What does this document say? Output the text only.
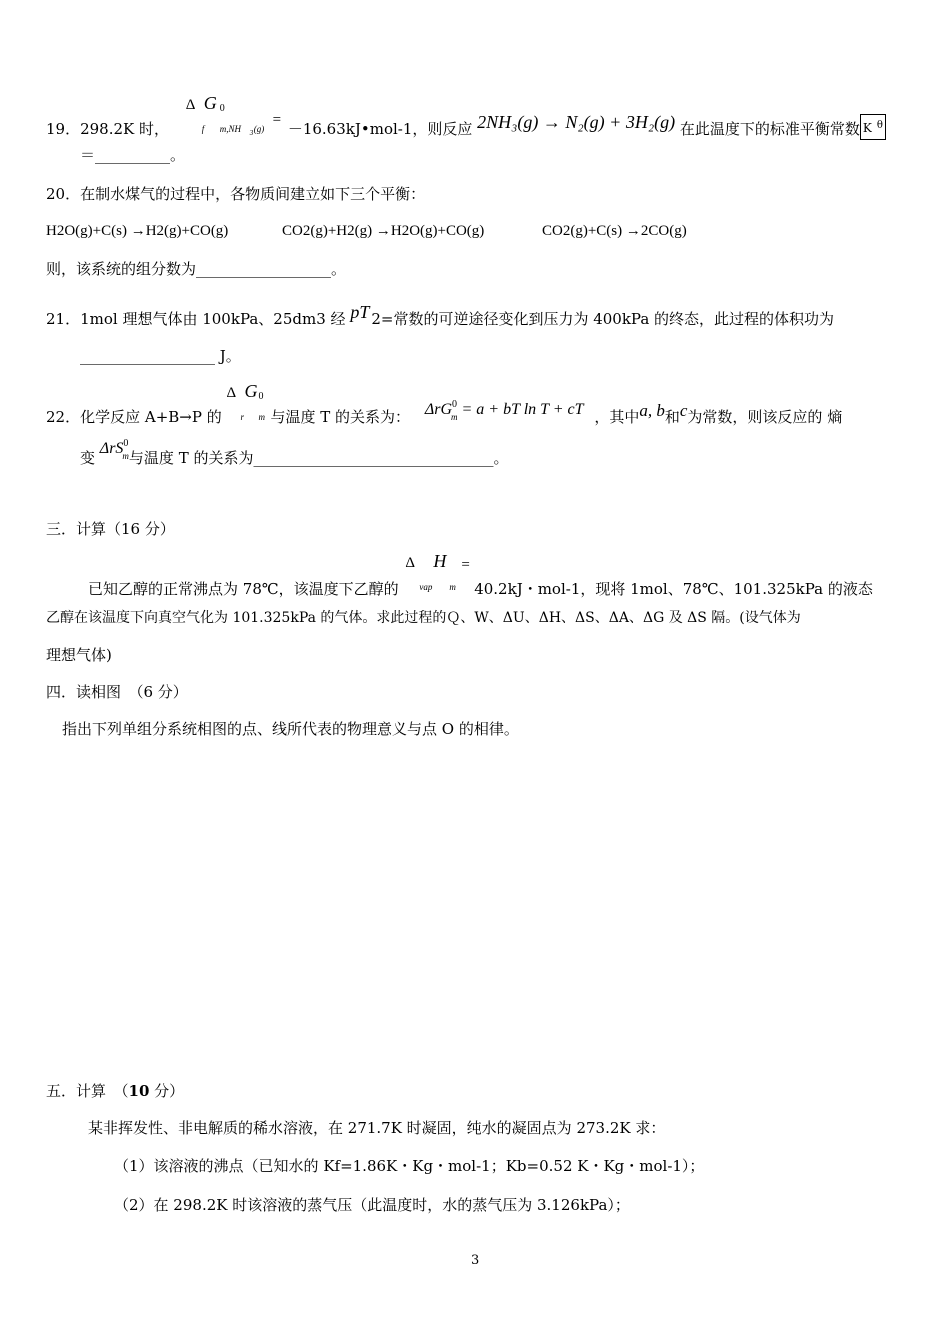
19．298.2K 时，
Δ G 0
f m,NH 3 (g)
= －16.63kJ•mol-1，则反应 2NH₃(g) → N₂(g) + 3H₂(g) 在此温度下的标准平衡常数 K θ
＝__________。
20．在制水煤气的过程中，各物质间建立如下三个平衡：
H2O(g)+C(s) →H2(g)+CO(g)	CO2(g)+H2(g) →H2O(g)+CO(g)	CO2(g)+C(s) →2CO(g)
则，该系统的组分数为__________________。
21．1mol 理想气体由 100kPa、25dm3 经 pT 2=常数的可逆途径变化到压力为 400kPa 的终态，此过程的体积功为
__________________ J。
22．化学反应 A+B→P 的
Δ
r
G 0
m 与温度 T 的关系为： ΔrG$^0_m$ = a + bT ln T + cT ，其中a, b和c为常数，则该反应的 熵
变 ΔrS$^0_m$与温度 T 的关系为________________________________。
三．计算（16 分）
已知乙醇的正常沸点为 78℃，该温度下乙醇的
Δ H
vap m
=
40.2kJ・mol-1，现将 1mol、78℃、101.325kPa 的液态
乙醇在该温度下向真空气化为 101.325kPa 的气体。求此过程的Ｑ、W、ΔU、ΔH、ΔS、ΔA、ΔG 及 ΔS 隔。(设气体为
理想气体)
四．读相图　（6 分）
指出下列单组分系统相图的点、线所代表的物理意义与点 O 的相律。
五．计算　（10 分）
某非挥发性、非电解质的稀水溶液，在 271.7K 时凝固，纯水的凝固点为 273.2K 求：
（1）该溶液的沸点（已知水的 Kf=1.86K・Kg・mol-1；Kb=0.52 K・Kg・mol-1）；
（2）在 298.2K 时该溶液的蒸气压（此温度时，水的蒸气压为 3.126kPa）；
3
